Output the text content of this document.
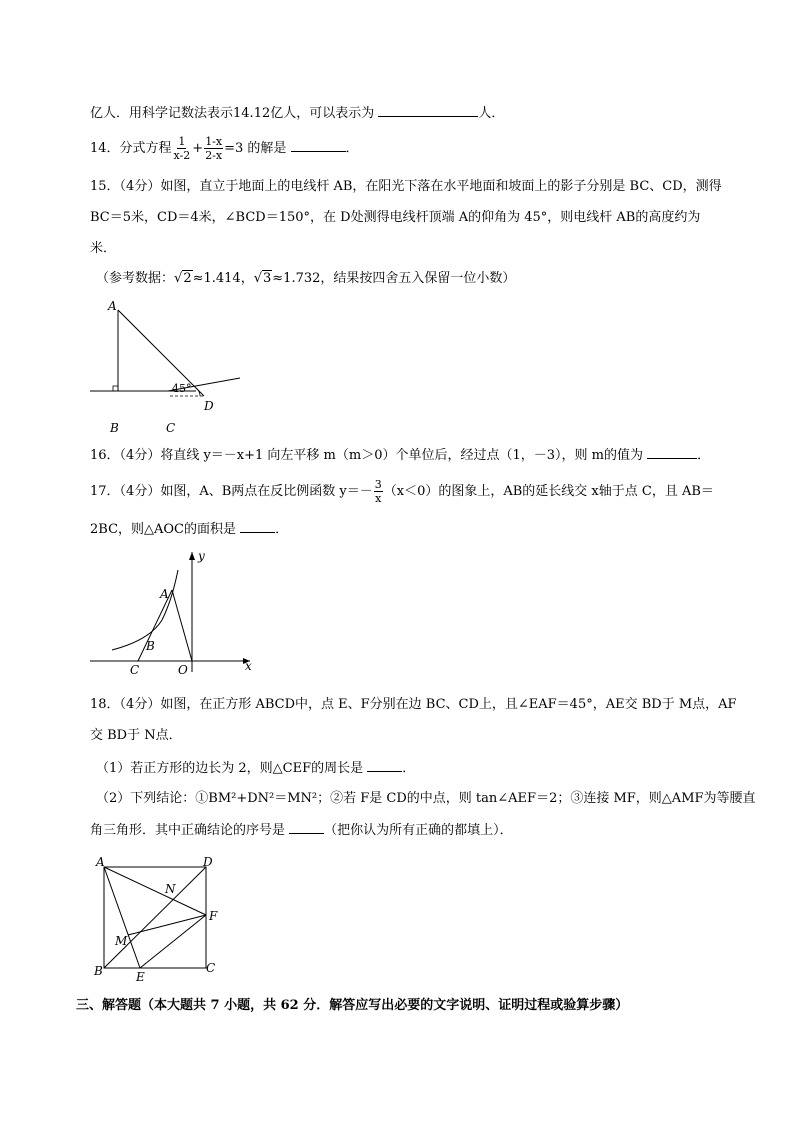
亿人．用科学记数法表示14.12亿人，可以表示为	人．
14．分式方程 $\frac{1}{x-2} + \frac{1-x}{2-x} =3$ 的解是	．
15．（4分）如图，直立于地面上的电线杆 AB，在阳光下落在水平地面和坡面上的影子分别是 BC、CD，测得
BC＝5米，CD＝4米，∠BCD＝150°，在 D处测得电线杆顶端 A的仰角为 45°，则电线杆 AB的高度约为
米．
（参考数据：√2≈1.414，√3≈1.732，结果按四舍五入保留一位小数）
A
B	C
D
45°
16．（4分）将直线 y＝－x+1 向左平移 m（m＞0）个单位后，经过点（1，－3），则 m的值为	．
17．（4分）如图，A、B两点在反比例函数 $y=- \frac{3}{x} (x<0)$的图象上，AB的延长线交 x轴于点 C，且 AB＝
2BC，则△AOC的面积是	．
A
B
C	O	x
y
18．（4分）如图，在正方形 ABCD中，点 E、F分别在边 BC、CD上，且∠EAF＝45°，AE交 BD于 M点，AF
交 BD于 N点．
（1）若正方形的边长为 2，则△CEF的周长是	．
（2）下列结论：①BM²+DN²＝MN²；②若 F是 CD的中点，则 tan∠AEF＝2；③连接 MF，则△AMF为等腰直
角三角形．其中正确结论的序号是	（把你认为所有正确的都填上）．
A	D
B	C
E
F
M
N
三、解答题（本大题共 7 小题，共 62 分．解答应写出必要的文字说明、证明过程或验算步骤）
